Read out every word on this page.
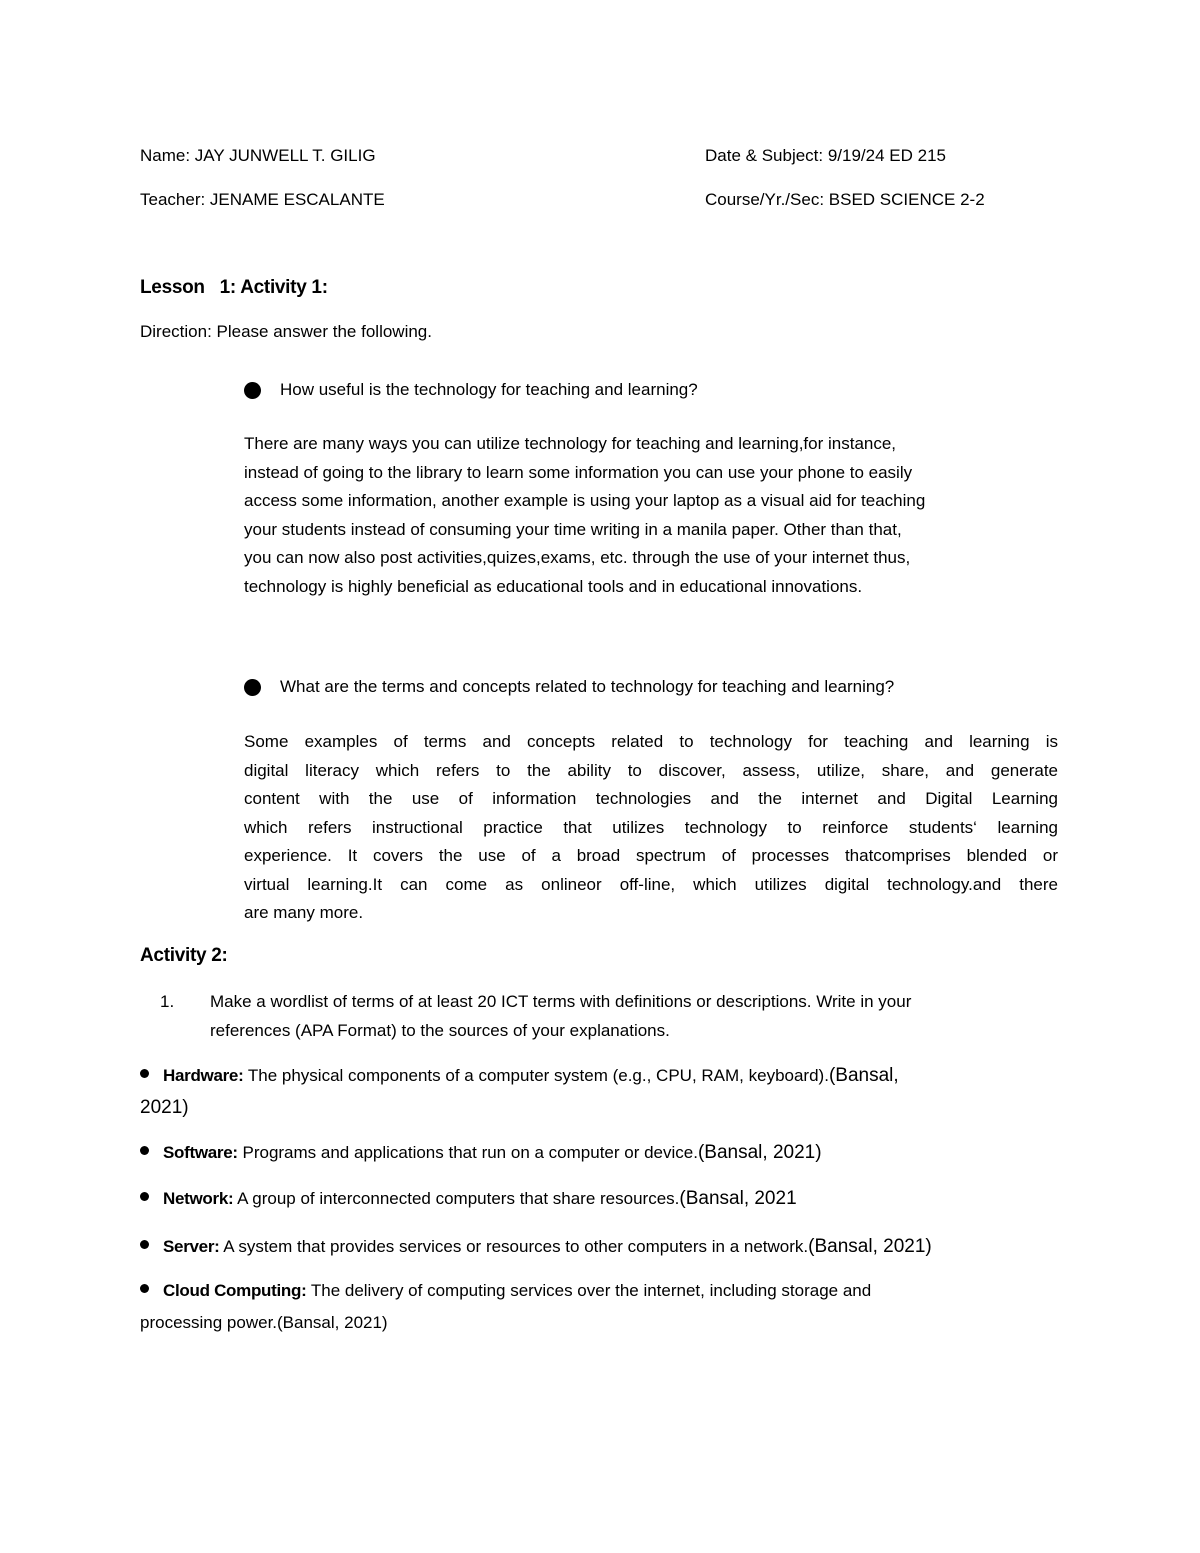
Name: JAY JUNWELL T. GILIG	Date & Subject: 9/19/24 ED 215
Teacher: JENAME ESCALANTE	Course/Yr./Sec: BSED SCIENCE 2-2
Lesson   1: Activity 1:
Direction: Please answer the following.
How useful is the technology for teaching and learning?
There are many ways you can utilize technology for teaching and learning,for instance,
instead of going to the library to learn some information you can use your phone to easily
access some information, another example is using your laptop as a visual aid for teaching
your students instead of consuming your time writing in a manila paper. Other than that,
you can now also post activities,quizes,exams, etc. through the use of your internet thus,
technology is highly beneficial as educational tools and in educational innovations.
What are the terms and concepts related to technology for teaching and learning?
Some examples of terms and concepts related to technology for teaching and learning is
digital literacy which refers to the ability to discover, assess, utilize, share, and generate
content with the use of information technologies and the internet and Digital Learning
which refers instructional practice that utilizes technology to reinforce students‘ learning
experience. It covers the use of a broad spectrum of processes thatcomprises blended or
virtual learning.It can come as onlineor off-line, which utilizes digital technology.and there
are many more.
Activity 2:
1. Make a wordlist of terms of at least 20 ICT terms with definitions or descriptions. Write in your
references (APA Format) to the sources of your explanations.
Hardware: The physical components of a computer system (e.g., CPU, RAM, keyboard).(Bansal,
2021)
Software: Programs and applications that run on a computer or device.(Bansal, 2021)
Network: A group of interconnected computers that share resources.(Bansal, 2021
Server: A system that provides services or resources to other computers in a network.(Bansal, 2021)
Cloud Computing: The delivery of computing services over the internet, including storage and
processing power.(Bansal, 2021)
